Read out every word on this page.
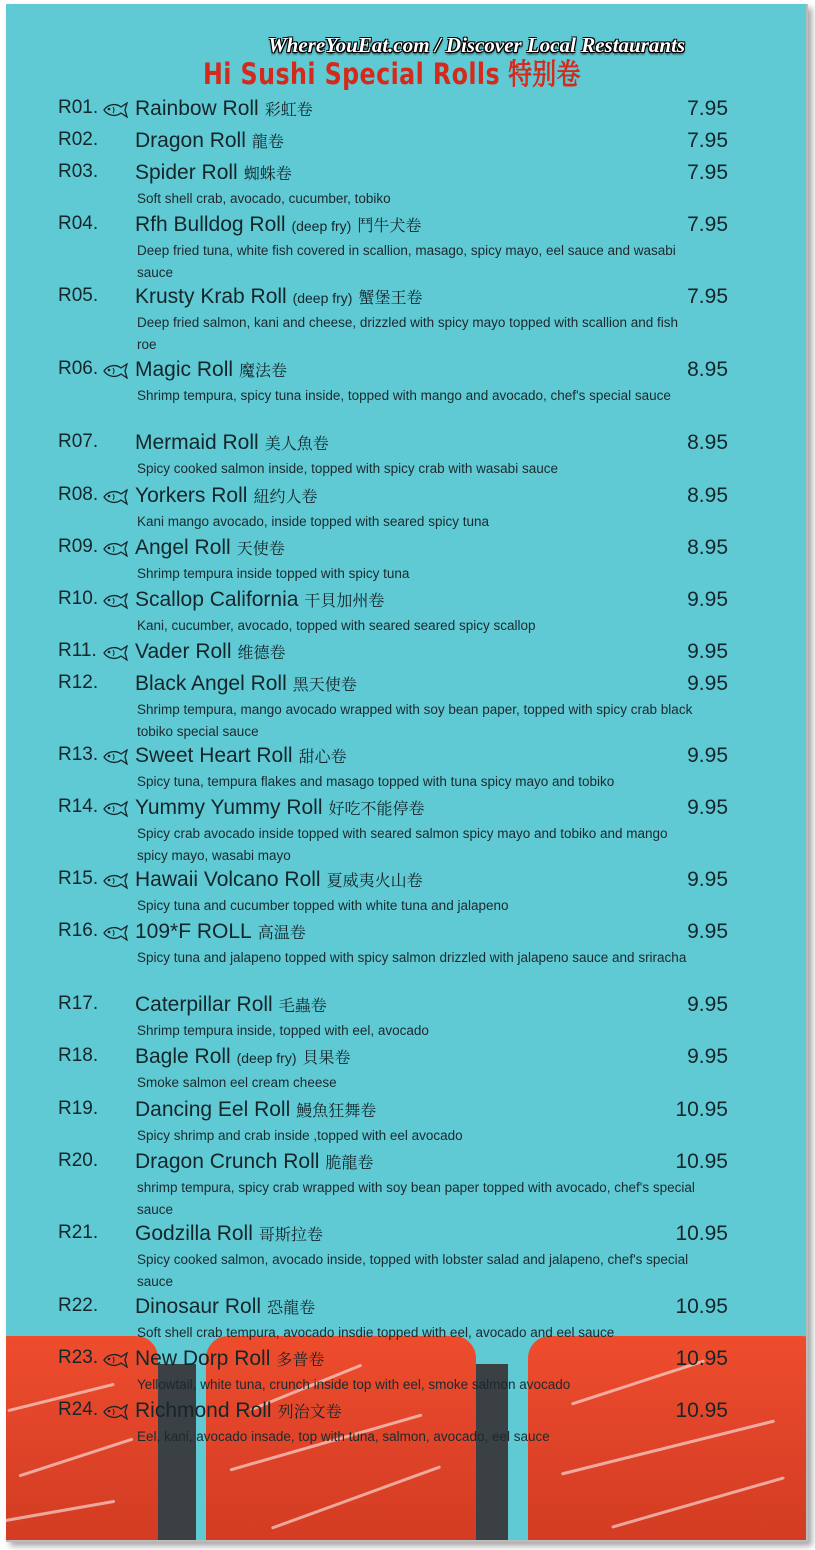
Hi Sushi Special Rolls 特别卷
WhereYouEat.com / Discover Local Restaurants
R01. Rainbow Roll 彩虹卷	7.95
R02. Dragon Roll 龍卷	7.95
R03. Spider Roll 蜘蛛卷	7.95
Soft shell crab, avocado, cucumber, tobiko
R04. Rfh Bulldog Roll (deep fry) 鬥牛犬卷	7.95
Deep fried tuna, white fish covered in scallion, masago, spicy mayo, eel sauce and wasabi sauce
R05. Krusty Krab Roll (deep fry) 蟹堡王卷	7.95
Deep fried salmon, kani and cheese, drizzled with spicy mayo topped with scallion and fish roe
R06. Magic Roll 魔法卷	8.95
Shrimp tempura, spicy tuna inside, topped with mango and avocado, chef's special sauce
R07. Mermaid Roll 美人魚卷	8.95
Spicy cooked salmon inside, topped with spicy crab with wasabi sauce
R08. Yorkers Roll 紐约人卷	8.95
Kani mango avocado, inside topped with seared spicy tuna
R09. Angel Roll 天使卷	8.95
Shrimp tempura inside topped with spicy tuna
R10. Scallop California 干貝加州卷	9.95
Kani, cucumber, avocado, topped with seared seared spicy scallop
R11. Vader Roll 维德卷	9.95
R12. Black Angel Roll 黑天使卷	9.95
Shrimp tempura, mango avocado wrapped with soy bean paper, topped with spicy crab black tobiko special sauce
R13. Sweet Heart Roll 甜心卷	9.95
Spicy tuna, tempura flakes and masago topped with tuna spicy mayo and tobiko
R14. Yummy Yummy Roll 好吃不能停卷	9.95
Spicy crab avocado inside topped with seared salmon spicy mayo and tobiko and mango spicy mayo, wasabi mayo
R15. Hawaii Volcano Roll 夏威夷火山卷	9.95
Spicy tuna and cucumber topped with white tuna and jalapeno
R16. 109*F ROLL 高温卷	9.95
Spicy tuna and jalapeno topped with spicy salmon drizzled with jalapeno sauce and sriracha
R17. Caterpillar Roll 毛蟲卷	9.95
Shrimp tempura inside, topped with eel, avocado
R18. Bagle Roll (deep fry) 貝果卷	9.95
Smoke salmon eel cream cheese
R19. Dancing Eel Roll 鰻魚狂舞卷	10.95
Spicy shrimp and crab inside ,topped with eel avocado
R20. Dragon Crunch Roll 脆龍卷	10.95
shrimp tempura, spicy crab wrapped with soy bean paper topped with avocado, chef's special sauce
R21. Godzilla Roll 哥斯拉卷	10.95
Spicy cooked salmon, avocado inside, topped with lobster salad and jalapeno, chef's special sauce
R22. Dinosaur Roll 恐龍卷	10.95
Soft shell crab tempura, avocado insdie topped with eel, avocado and eel sauce
R23. New Dorp Roll 多普卷	10.95
Yellowtail, white tuna, crunch inside top with eel, smoke salmon avocado
R24. Richmond Roll 列治文卷	10.95
Eel, kani, avocado insade, top with tuna, salmon, avocado, eel sauce
